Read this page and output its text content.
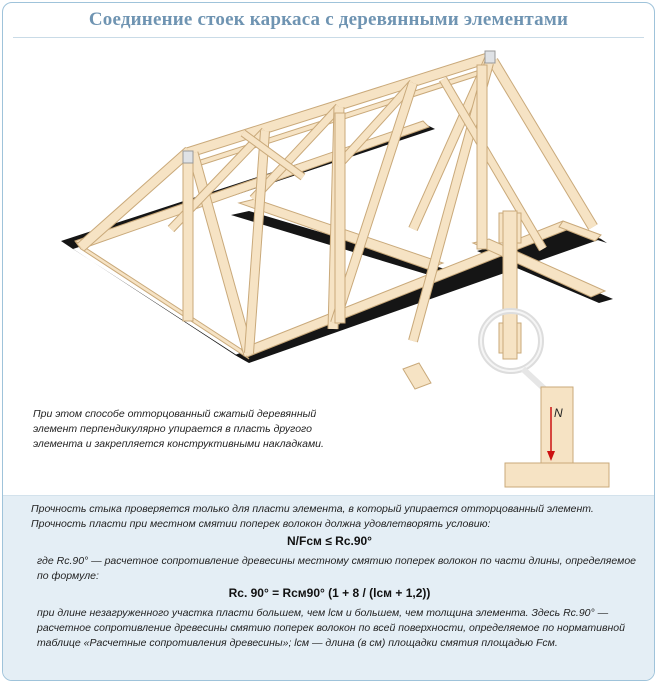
Соединение стоек каркаса с деревянными элементами
N
При этом способе отторцованный сжатый деревянный элемент перпендикулярно упирается в пласть другого элемента и закрепляется конструктивными накладками.
Прочность стыка проверяется только для пласти элемента, в который упирается отторцованный элемент. Прочность пласти при местном смятии поперек волокон должна удовлетворять условию:
N/Fсм ≤ Rc.90°
где Rc.90° — расчетное сопротивление древесины местному смятию поперек волокон по части длины, определяемое по формуле:
Rc. 90° = Rсм90° (1 + 8 / (lсм + 1,2))
при длине незагруженного участка пласти большем, чем lсм и большем, чем толщина элемента. Здесь Rc.90° — расчетное сопротивление древесины смятию поперек волокон по всей поверхности, определяемое по нормативной таблице «Расчетные сопротивления древесины»; lсм — длина (в см) площадки смятия площадью Fсм.
